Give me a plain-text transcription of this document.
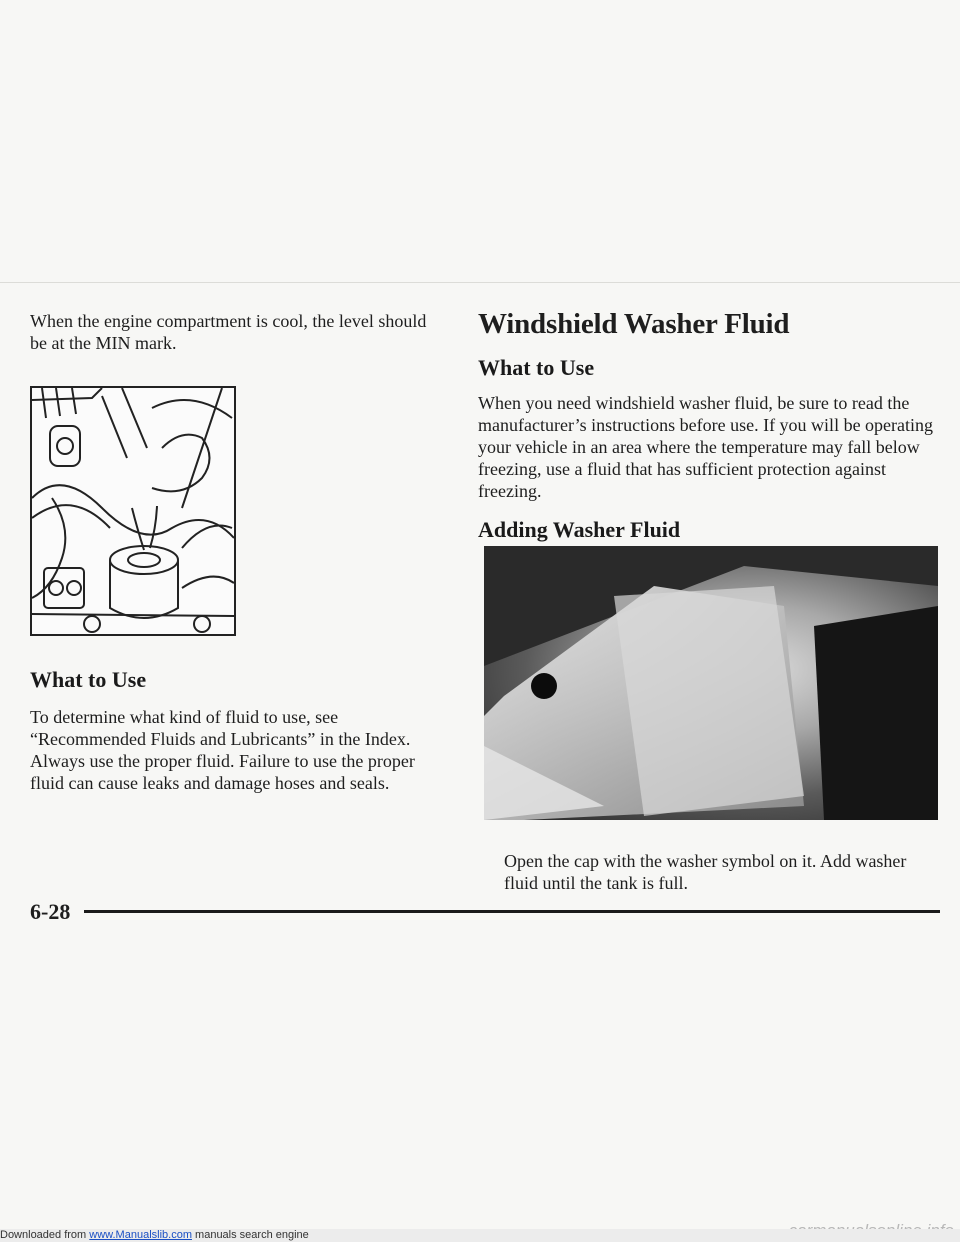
When the engine compartment is cool, the level should be at the MIN mark.

What to Use

To determine what kind of fluid to use, see “Recommended Fluids and Lubricants” in the Index. Always use the proper fluid. Failure to use the proper fluid can cause leaks and damage hoses and seals.

Windshield Washer Fluid
What to Use

When you need windshield washer fluid, be sure to read the manufacturer’s instructions before use. If you will be operating your vehicle in an area where the temperature may fall below freezing, use a fluid that has sufficient protection against freezing.

Adding Washer Fluid

Open the cap with the washer symbol on it. Add washer fluid until the tank is full.

6-28
Downloaded from www.Manualslib.com manuals search engine
